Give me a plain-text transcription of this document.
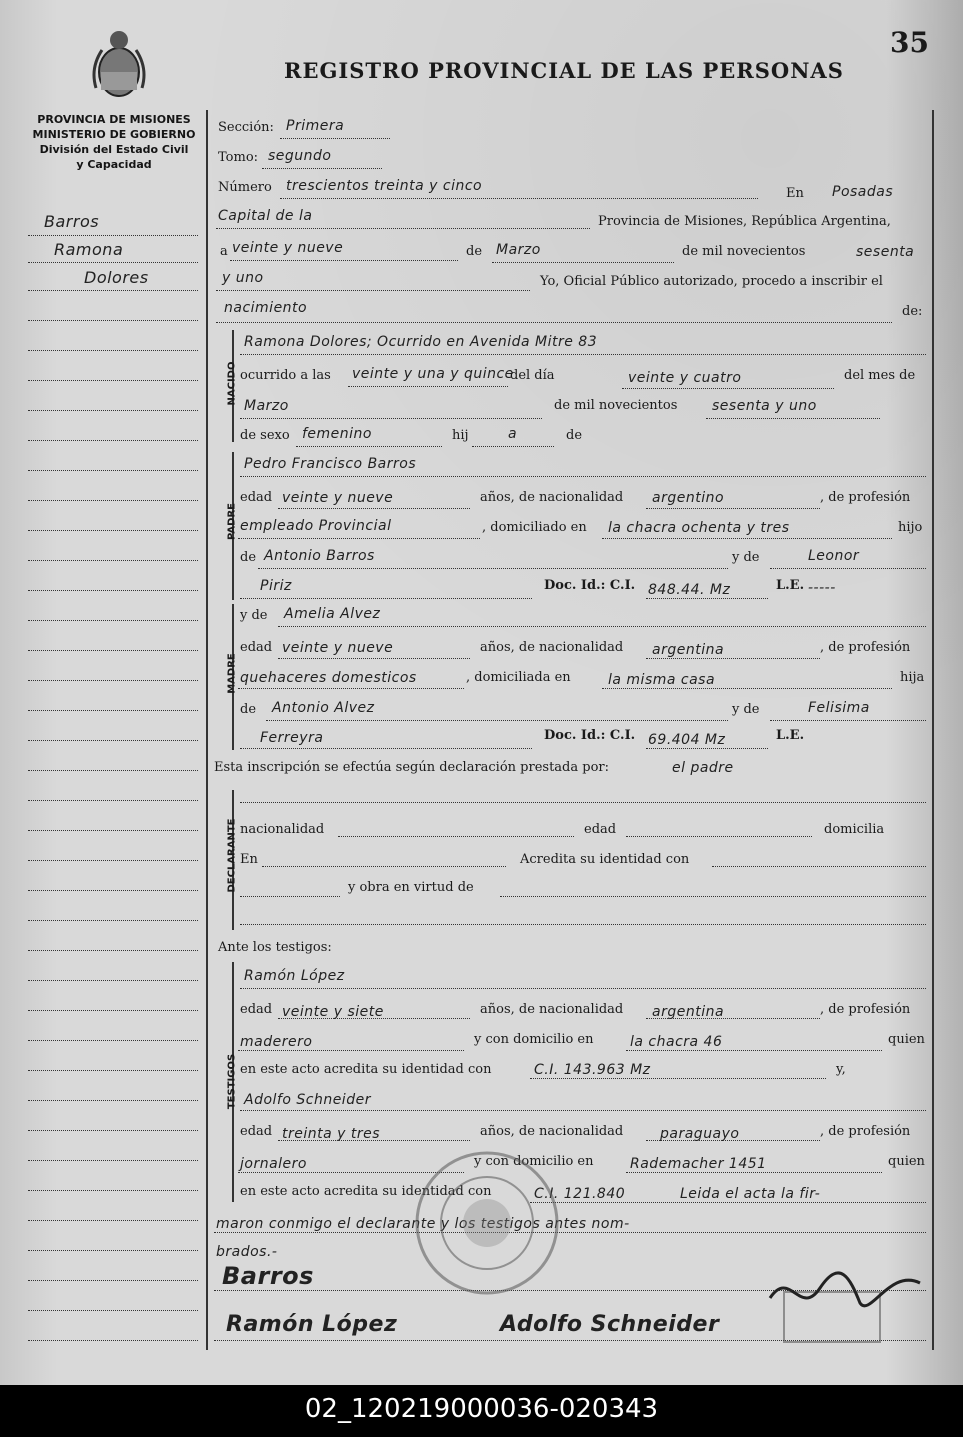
35
REGISTRO PROVINCIAL DE LAS PERSONAS
PROVINCIA DE MISIONES
MINISTERIO DE GOBIERNO
División del Estado Civil
y Capacidad
Barros
Ramona
Dolores
Sección: Primera
Tomo: segundo
Número trescientos treinta y cinco	En Posadas
Capital de la	Provincia de Misiones, República Argentina,
a veinte y nueve	de Marzo	de mil novecientos	sesenta
y uno	Yo, Oficial Público autorizado, procedo a inscribir el
nacimiento	de:
NACIDO
Ramona Dolores; Ocurrido en Avenida Mitre 83
ocurrido a las veinte y una y quince
del día	veinte y cuatro	del mes de
Marzo	de mil novecientos sesenta y uno
de sexo femenino	hij	a	de
PADRE
Pedro Francisco Barros
edad veinte y nueve	años, de nacionalidad argentino	, de profesión
empleado Provincial	, domiciliado en la chacra ochenta y tres	hijo
de Antonio Barros	y de	Leonor
Piriz	Doc. Id.: C.I. 848.44. Mz	L.E. -----
MADRE
y de Amelia Alvez
edad veinte y nueve	años, de nacionalidad argentina	, de profesión
quehaceres domesticos	, domiciliada en	la misma casa	hija
de Antonio Alvez	y de	Felisima
Ferreyra	Doc. Id.: C.I. 69.404 Mz	L.E.
Esta inscripción se efectúa según declaración prestada por:	el padre
DECLARANTE nacionalidad	edad	domicilia
En	Acredita su identidad con
y obra en virtud de
Ante los testigos:
TESTIGOS
Ramón López
edad veinte y siete	años, de nacionalidad argentina	, de profesión
maderero	y con domicilio en	la chacra 46	quien
en este acto acredita su identidad con	C.I. 143.963 Mz	y,
Adolfo Schneider
edad treinta y tres	años, de nacionalidad	paraguayo	, de profesión
jornalero	y con domicilio en	Rademacher 1451	quien
en este acto acredita su identidad con	C.I. 121.840	Leida el acta la fir-
maron conmigo el declarante y los testigos antes nom-
brados.-
Barros
Ramón López	Adolfo Schneider
02_120219000036-020343
